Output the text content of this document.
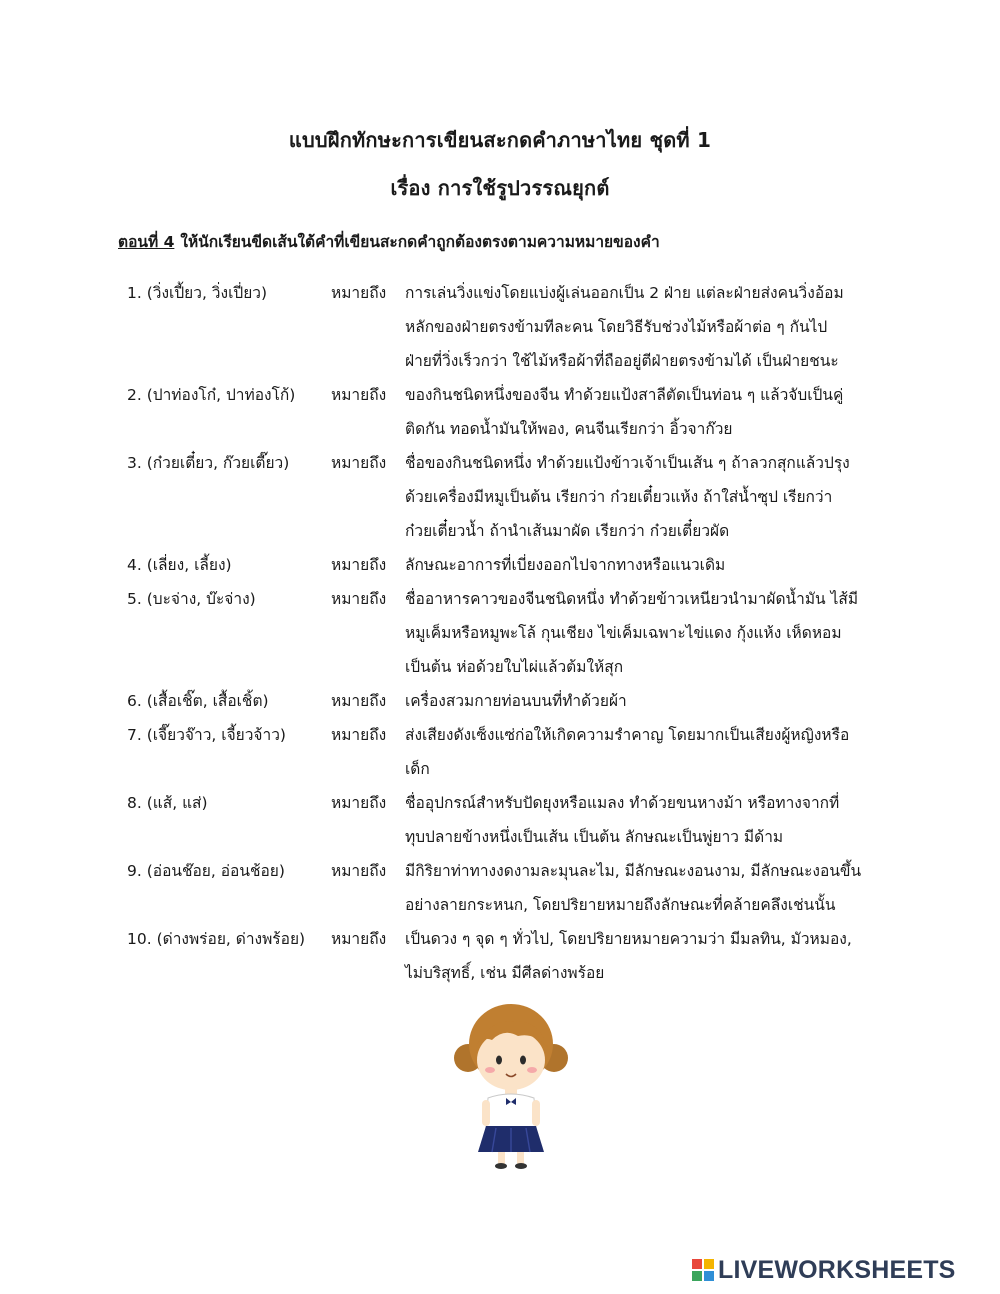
แบบฝึกทักษะการเขียนสะกดคำภาษาไทย ชุดที่ 1
เรื่อง การใช้รูปวรรณยุกต์
ตอนที่ 4 ให้นักเรียนขีดเส้นใต้คำที่เขียนสะกดคำถูกต้องตรงตามความหมายของคำ
1. (วิ่งเปี้ยว, วิ่งเปี่ยว)	หมายถึง การเล่นวิ่งแข่งโดยแบ่งผู้เล่นออกเป็น 2 ฝ่าย แต่ละฝ่ายส่งคนวิ่งอ้อม
หลักของฝ่ายตรงข้ามทีละคน โดยวิธีรับช่วงไม้หรือผ้าต่อ ๆ กันไป
ฝ่ายที่วิ่งเร็วกว่า ใช้ไม้หรือผ้าที่ถืออยู่ตีฝ่ายตรงข้ามได้ เป็นฝ่ายชนะ
2. (ปาท่องโก๋, ปาท่องโก้) หมายถึง ของกินชนิดหนึ่งของจีน ทำด้วยแป้งสาลีตัดเป็นท่อน ๆ แล้วจับเป็นคู่
ติดกัน ทอดน้ำมันให้พอง, คนจีนเรียกว่า อิ้วจาก๊วย
3. (ก๋วยเตี๋ยว, ก๊วยเตี๊ยว)	หมายถึง ชื่อของกินชนิดหนึ่ง ทำด้วยแป้งข้าวเจ้าเป็นเส้น ๆ ถ้าลวกสุกแล้วปรุง
ด้วยเครื่องมีหมูเป็นต้น เรียกว่า ก๋วยเตี๋ยวแห้ง ถ้าใส่น้ำซุป เรียกว่า
ก๋วยเตี๋ยวน้ำ ถ้านำเส้นมาผัด เรียกว่า ก๋วยเตี๋ยวผัด
4. (เลี่ยง, เลี้ยง)	หมายถึง ลักษณะอาการที่เบี่ยงออกไปจากทางหรือแนวเดิม
5. (บะจ่าง, บ๊ะจ่าง)	หมายถึง ชื่ออาหารคาวของจีนชนิดหนึ่ง ทำด้วยข้าวเหนียวนำมาผัดน้ำมัน ไส้มี
หมูเค็มหรือหมูพะโล้ กุนเชียง ไข่เค็มเฉพาะไข่แดง กุ้งแห้ง เห็ดหอม
เป็นต้น ห่อด้วยใบไผ่แล้วต้มให้สุก
6. (เสื้อเชิ๊ต, เสื้อเชิ้ต)	หมายถึง เครื่องสวมกายท่อนบนที่ทำด้วยผ้า
7. (เจี๊ยวจ๊าว, เจี้ยวจ้าว)	หมายถึง ส่งเสียงดังเซ็งแซ่ก่อให้เกิดความรำคาญ โดยมากเป็นเสียงผู้หญิงหรือ
เด็ก
8. (แส้, แส่)	หมายถึง ชื่ออุปกรณ์สำหรับปัดยุงหรือแมลง ทำด้วยขนหางม้า หรือทางจากที่
ทุบปลายข้างหนึ่งเป็นเส้น เป็นต้น ลักษณะเป็นพู่ยาว มีด้าม
9. (อ่อนช๊อย, อ่อนช้อย)	หมายถึง มีกิริยาท่าทางงดงามละมุนละไม, มีลักษณะงอนงาม, มีลักษณะงอนขึ้น
อย่างลายกระหนก, โดยปริยายหมายถึงลักษณะที่คล้ายคลึงเช่นนั้น
10. (ด่างพร่อย, ด่างพร้อย) หมายถึง เป็นดวง ๆ จุด ๆ ทั่วไป, โดยปริยายหมายความว่า มีมลทิน, มัวหมอง,
ไม่บริสุทธิ์, เช่น มีศีลด่างพร้อย
LIVEWORKSHEETS
